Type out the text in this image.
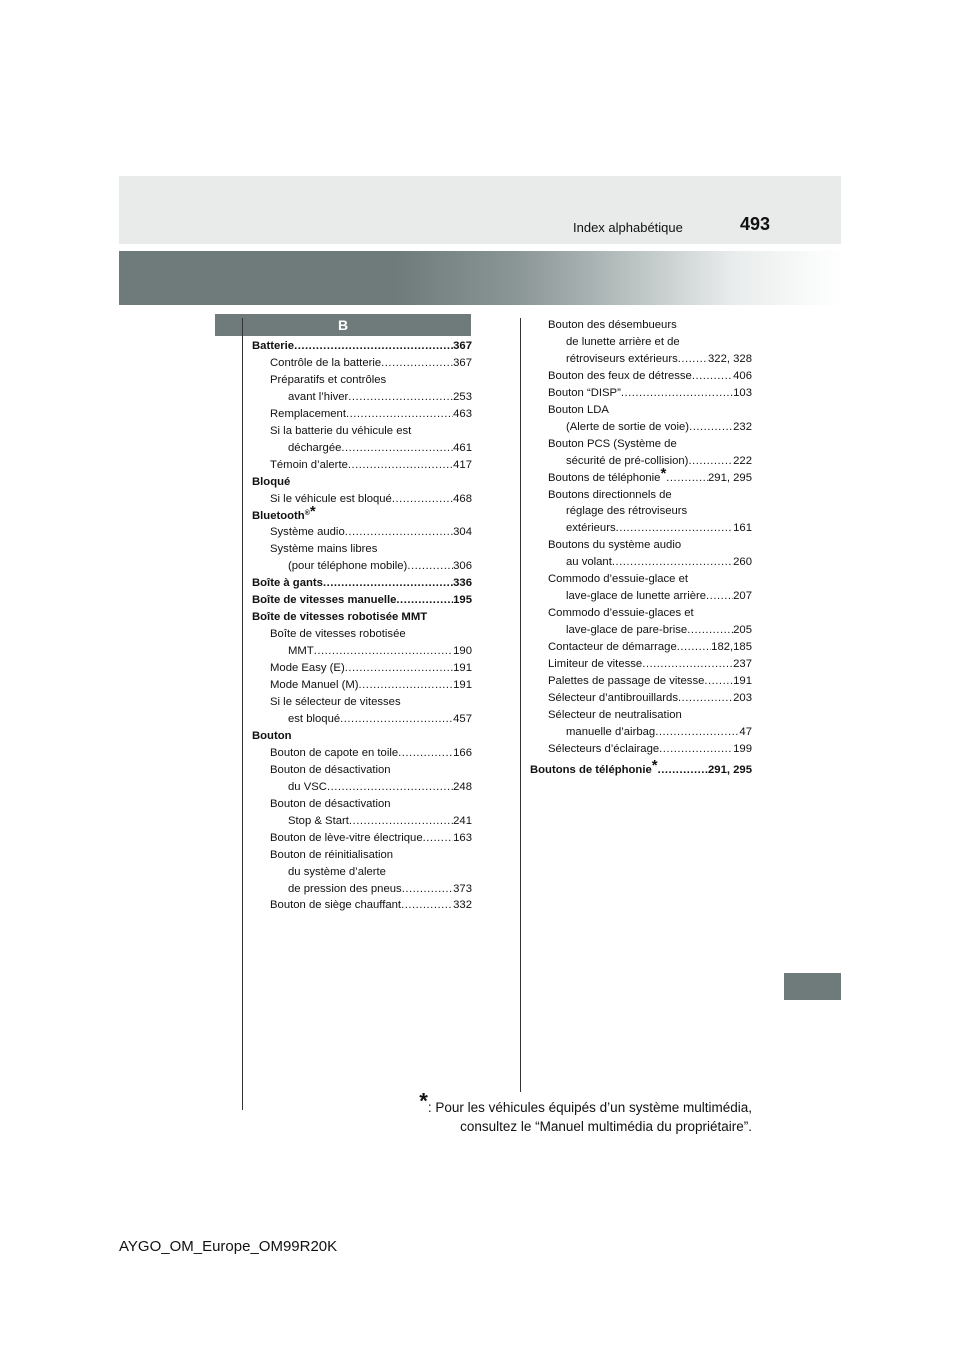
493
Index alphabétique
B
Batterie .....	367
Contrôle de la batterie .....	367
Préparatifs et contrôles
avant l’hiver .....	253
Remplacement .....	463
Si la batterie du véhicule est
déchargée .....	461
Témoin d’alerte .....	417
Bloqué
Si le véhicule est bloqué .....	468
Bluetooth®*
Système audio .....	304
Système mains libres
(pour téléphone mobile) .....	306
Boîte à gants .....	336
Boîte de vitesses manuelle .....	195
Boîte de vitesses robotisée MMT
Boîte de vitesses robotisée
MMT .....	190
Mode Easy (E) .....	191
Mode Manuel (M) .....	191
Si le sélecteur de vitesses
est bloqué .....	457
Bouton
Bouton de capote en toile .....	166
Bouton de désactivation
du VSC .....	248
Bouton de désactivation
Stop & Start .....	241
Bouton de lève-vitre électrique .....	163
Bouton de réinitialisation
du système d’alerte
de pression des pneus .....	373
Bouton de siège chauffant .....	332
Bouton des désembueurs
de lunette arrière et de
rétroviseurs extérieurs .....	322, 328
Bouton des feux de détresse .....	406
Bouton “DISP” .....	103
Bouton LDA
(Alerte de sortie de voie) .....	232
Bouton PCS (Système de
sécurité de pré-collision) .....	222
Boutons de téléphonie* .....	291, 295
Boutons directionnels de
réglage des rétroviseurs
extérieurs .....	161
Boutons du système audio
au volant .....	260
Commodo d’essuie-glace et
lave-glace de lunette arrière ..... 207
Commodo d’essuie-glaces et
lave-glace de pare-brise .....	205
Contacteur de démarrage .....	182,185
Limiteur de vitesse .....	237
Palettes de passage de vitesse .....	191
Sélecteur d’antibrouillards .....	203
Sélecteur de neutralisation
manuelle d’airbag .....	47
Sélecteurs d’éclairage .....	199
Boutons de téléphonie* .....	291, 295
*: Pour les véhicules équipés d’un système multimédia,
consultez le “Manuel multimédia du propriétaire”.
AYGO_OM_Europe_OM99R20K
